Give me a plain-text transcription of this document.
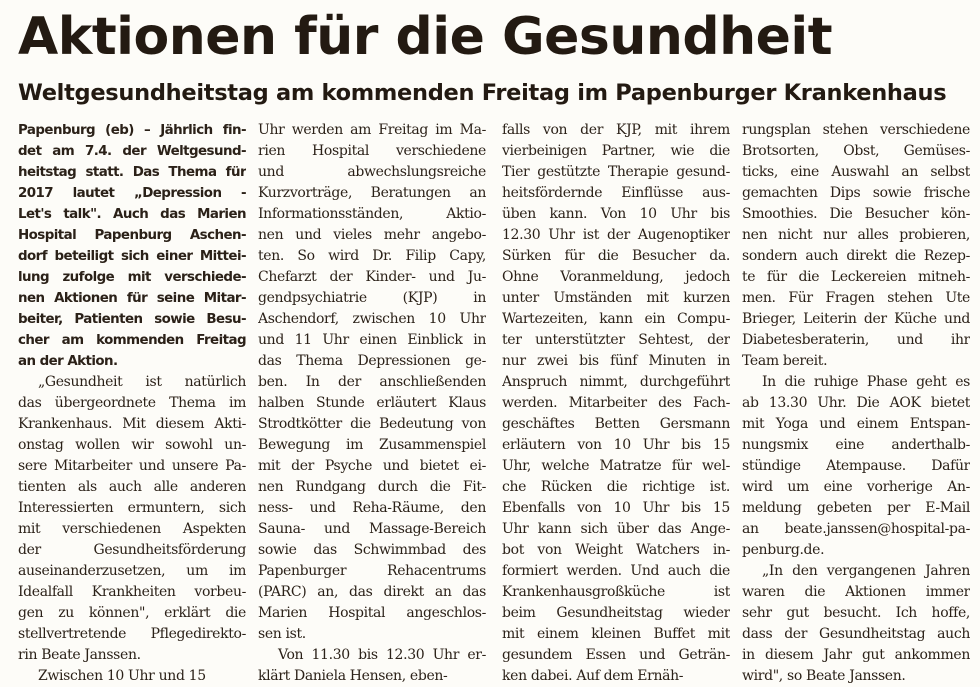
Aktionen für die Gesundheit
Weltgesundheitstag am kommenden Freitag im Papenburger Krankenhaus
Papenburg (eb) – Jährlich fin-
det am 7.4. der Weltgesund-
heitstag statt. Das Thema für
2017 lautet „Depression -
Let's talk". Auch das Marien
Hospital Papenburg Aschen-
dorf beteiligt sich einer Mittei-
lung zufolge mit verschiede-
nen Aktionen für seine Mitar-
beiter, Patienten sowie Besu-
cher am kommenden Freitag
an der Aktion.
„Gesundheit ist natürlich
das übergeordnete Thema im
Krankenhaus. Mit diesem Akti-
onstag wollen wir sowohl un-
sere Mitarbeiter und unsere Pa-
tienten als auch alle anderen
Interessierten ermuntern, sich
mit verschiedenen Aspekten
der Gesundheitsförderung
auseinanderzusetzen, um im
Idealfall Krankheiten vorbeu-
gen zu können", erklärt die
stellvertretende Pflegedirekto-
rin Beate Janssen.
Zwischen 10 Uhr und 15
Uhr werden am Freitag im Ma-
rien Hospital verschiedene
und abwechslungsreiche
Kurzvorträge, Beratungen an
Informationsständen, Aktio-
nen und vieles mehr angebo-
ten. So wird Dr. Filip Capy,
Chefarzt der Kinder- und Ju-
gendpsychiatrie (KJP) in
Aschendorf, zwischen 10 Uhr
und 11 Uhr einen Einblick in
das Thema Depressionen ge-
ben. In der anschließenden
halben Stunde erläutert Klaus
Strodtkötter die Bedeutung von
Bewegung im Zusammenspiel
mit der Psyche und bietet ei-
nen Rundgang durch die Fit-
ness- und Reha-Räume, den
Sauna- und Massage-Bereich
sowie das Schwimmbad des
Papenburger Rehacentrums
(PARC) an, das direkt an das
Marien Hospital angeschlos-
sen ist.
Von 11.30 bis 12.30 Uhr er-
klärt Daniela Hensen, eben-
falls von der KJP, mit ihrem
vierbeinigen Partner, wie die
Tier gestützte Therapie gesund-
heitsfördernde Einflüsse aus-
üben kann. Von 10 Uhr bis
12.30 Uhr ist der Augenoptiker
Sürken für die Besucher da.
Ohne Voranmeldung, jedoch
unter Umständen mit kurzen
Wartezeiten, kann ein Compu-
ter unterstützter Sehtest, der
nur zwei bis fünf Minuten in
Anspruch nimmt, durchgeführt
werden. Mitarbeiter des Fach-
geschäftes Betten Gersmann
erläutern von 10 Uhr bis 15
Uhr, welche Matratze für wel-
che Rücken die richtige ist.
Ebenfalls von 10 Uhr bis 15
Uhr kann sich über das Ange-
bot von Weight Watchers in-
formiert werden. Und auch die
Krankenhausgroßküche ist
beim Gesundheitstag wieder
mit einem kleinen Buffet mit
gesundem Essen und Geträn-
ken dabei. Auf dem Ernäh-
rungsplan stehen verschiedene
Brotsorten, Obst, Gemüses-
ticks, eine Auswahl an selbst
gemachten Dips sowie frische
Smoothies. Die Besucher kön-
nen nicht nur alles probieren,
sondern auch direkt die Rezep-
te für die Leckereien mitneh-
men. Für Fragen stehen Ute
Brieger, Leiterin der Küche und
Diabetesberaterin, und ihr
Team bereit.
In die ruhige Phase geht es
ab 13.30 Uhr. Die AOK bietet
mit Yoga und einem Entspan-
nungsmix eine anderthalb-
stündige Atempause. Dafür
wird um eine vorherige An-
meldung gebeten per E-Mail
an beate.janssen@hospital-pa-
penburg.de.
„In den vergangenen Jahren
waren die Aktionen immer
sehr gut besucht. Ich hoffe,
dass der Gesundheitstag auch
in diesem Jahr gut ankommen
wird", so Beate Janssen.
